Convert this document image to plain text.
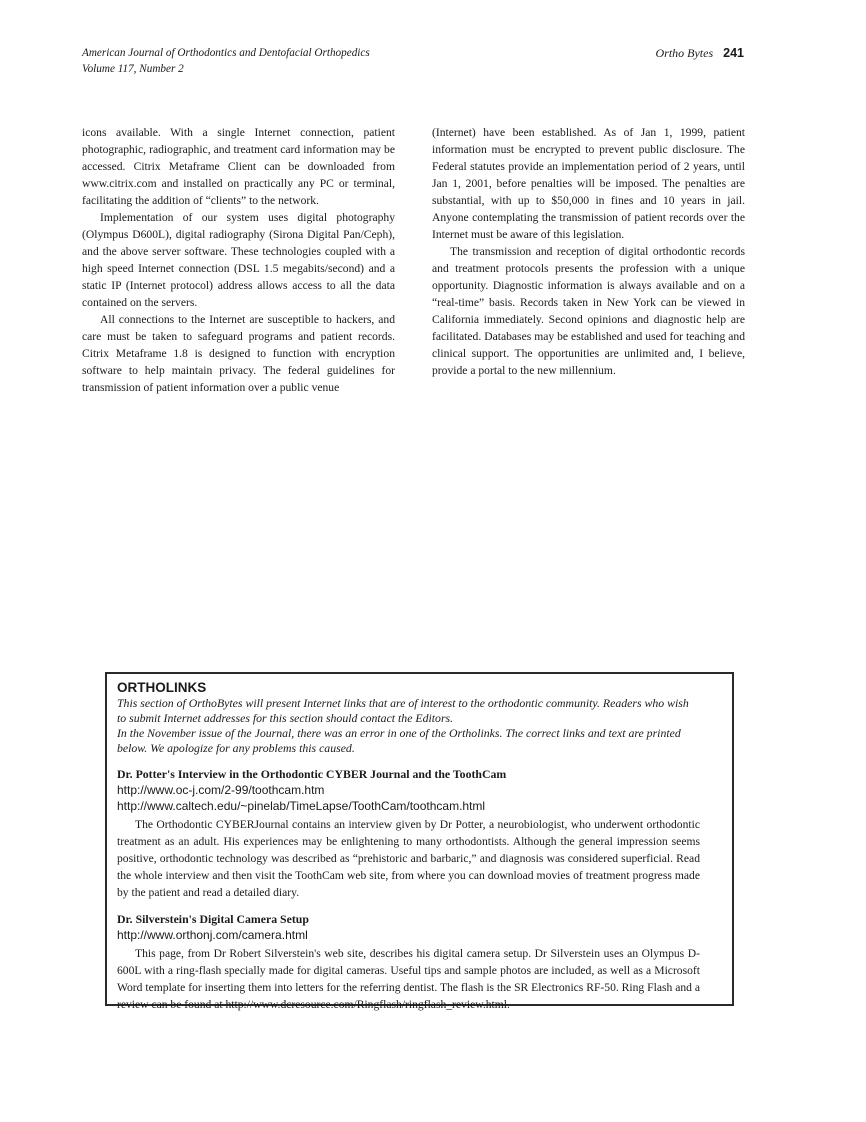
American Journal of Orthodontics and Dentofacial Orthopedics
Volume 117, Number 2
Ortho Bytes 241

icons available. With a single Internet connection, patient photographic, radiographic, and treatment card information may be accessed. Citrix Metaframe Client can be downloaded from www.citrix.com and installed on practically any PC or terminal, facilitating the addition of “clients” to the network.

Implementation of our system uses digital photography (Olympus D600L), digital radiography (Sirona Digital Pan/Ceph), and the above server software. These technologies coupled with a high speed Internet connection (DSL 1.5 megabits/second) and a static IP (Internet protocol) address allows access to all the data contained on the servers.

All connections to the Internet are susceptible to hackers, and care must be taken to safeguard programs and patient records. Citrix Metaframe 1.8 is designed to function with encryption software to help maintain privacy. The federal guidelines for transmission of patient information over a public venue

(Internet) have been established. As of Jan 1, 1999, patient information must be encrypted to prevent public disclosure. The Federal statutes provide an implementation period of 2 years, until Jan 1, 2001, before penalties will be imposed. The penalties are substantial, with up to $50,000 in fines and 10 years in jail. Anyone contemplating the transmission of patient records over the Internet must be aware of this legislation.

The transmission and reception of digital orthodontic records and treatment protocols presents the profession with a unique opportunity. Diagnostic information is always available and on a “real-time” basis. Records taken in New York can be viewed in California immediately. Second opinions and diagnostic help are facilitated. Databases may be established and used for teaching and clinical support. The opportunities are unlimited and, I believe, provide a portal to the new millennium.

ORTHOLINKS

This section of OrthoBytes will present Internet links that are of interest to the orthodontic community. Readers who wish to submit Internet addresses for this section should contact the Editors.

In the November issue of the Journal, there was an error in one of the Ortholinks. The correct links and text are printed below. We apologize for any problems this caused.

Dr. Potter's Interview in the Orthodontic CYBER Journal and the ToothCam

http://www.oc-j.com/2-99/toothcam.htm

http://www.caltech.edu/~pinelab/TimeLapse/ToothCam/toothcam.html

The Orthodontic CYBERJournal contains an interview given by Dr Potter, a neurobiologist, who underwent orthodontic treatment as an adult. His experiences may be enlightening to many orthodontists. Although the general impression seems positive, orthodontic technology was described as “prehistoric and barbaric,” and diagnosis was considered superficial. Read the whole interview and then visit the ToothCam web site, from where you can download movies of treatment progress made by the patient and read a detailed diary.

Dr. Silverstein's Digital Camera Setup

http://www.orthonj.com/camera.html

This page, from Dr Robert Silverstein's web site, describes his digital camera setup. Dr Silverstein uses an Olympus D-600L with a ring-flash specially made for digital cameras. Useful tips and sample photos are included, as well as a Microsoft Word template for inserting them into letters for the referring dentist. The flash is the SR Electronics RF-50. Ring Flash and a review can be found at http://www.dcresource.com/Ringflash/ringflash_review.html.
